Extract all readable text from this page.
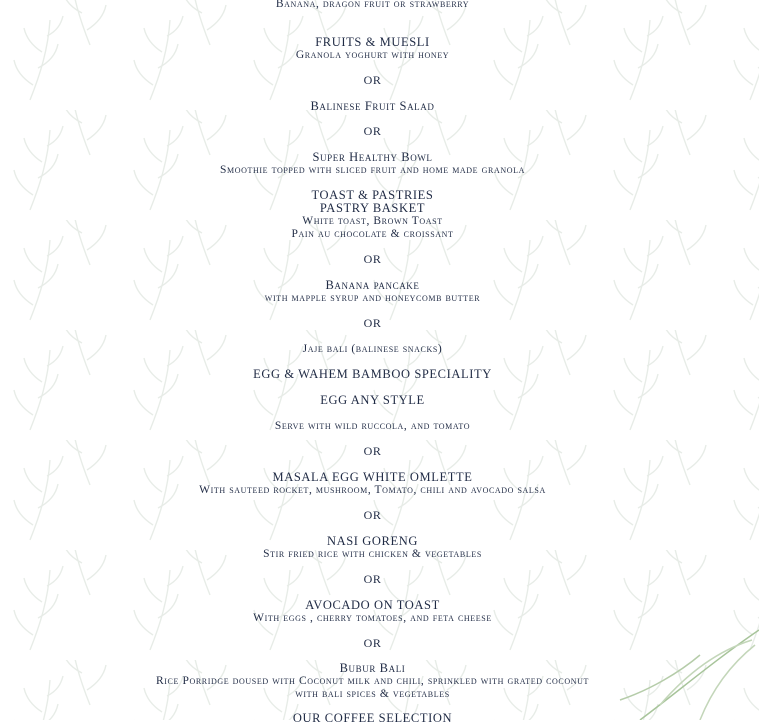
Banana, dragon fruit or strawberry
FRUITS & MUESLI
Granola yoghurt with honey
OR
Balinese Fruit Salad
OR
Super Healthy Bowl
Smoothie topped with sliced fruit and home made granola
TOAST & PASTRIES
PASTRY BASKET
White toast, Brown Toast
Pain au chocolate & croissant
OR
Banana pancake
with mapple syrup and honeycomb butter
OR
Jaje bali (balinese snacks)
EGG & WAHEM BAMBOO SPECIALITY
EGG ANY STYLE
Serve with wild ruccola, and tomato
OR
MASALA EGG WHITE OMLETTE
With sauteed rocket, mushroom, Tomato, chili and avocado salsa
OR
NASI GORENG
Stir fried rice with chicken & vegetables
OR
AVOCADO ON TOAST
With eggs , cherry tomatoes, and feta cheese
OR
Bubur Bali
Rice Porridge doused with Coconut milk and chili, sprinkled with grated coconut
with bali spices & vegetables
OUR COFFEE SELECTION
